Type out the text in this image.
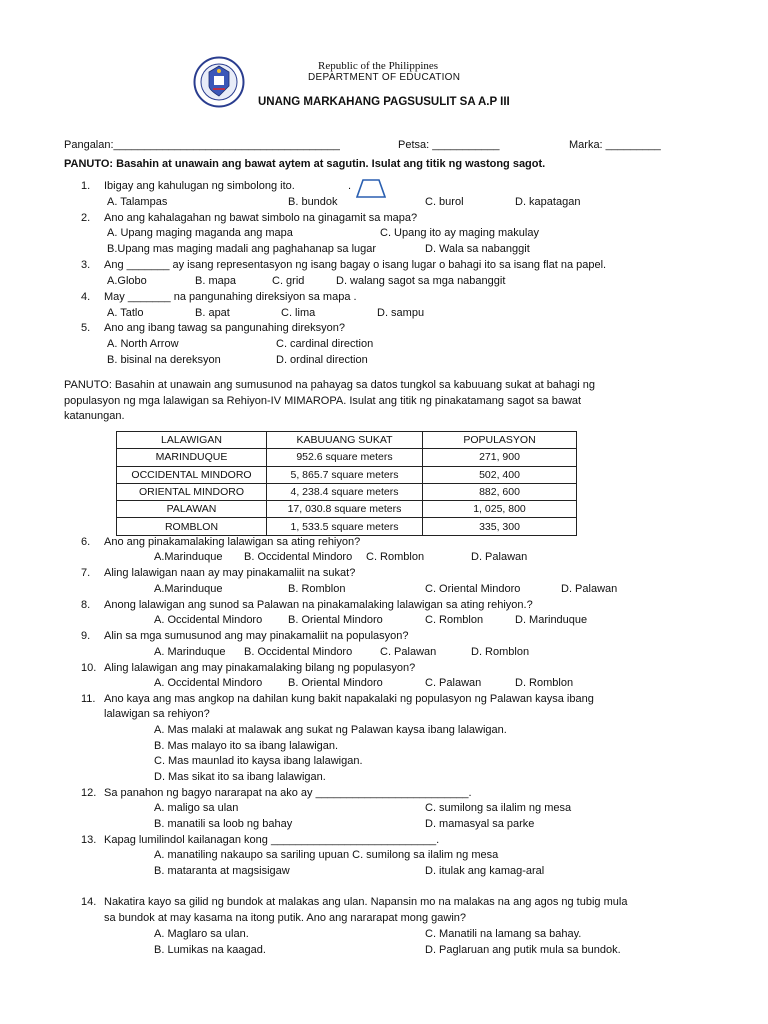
Republic of the Philippines
DEPARTMENT OF EDUCATION
UNANG MARKAHANG PAGSUSULIT SA A.P III
Pangalan:_____________________________________	Petsa: ___________	Marka: _________
PANUTO: Basahin at unawain ang bawat aytem at sagutin. Isulat ang titik ng wastong sagot.
1. Ibigay ang kahulugan ng simbolong ito.	.
A. Talampas	B. bundok	C. burol	D. kapatagan
2. Ano ang kahalagahan ng bawat simbolo na ginagamit sa mapa?
A. Upang maging maganda ang mapa	C. Upang ito ay maging makulay
B.Upang mas maging madali ang paghahanap sa lugar	D. Wala sa nabanggit
3. Ang _______ ay isang representasyon ng isang bagay o isang lugar o bahagi ito sa isang flat na papel.
A.Globo	B. mapa	C. grid	D. walang sagot sa mga nabanggit
4. May _______ na pangunahing direksiyon sa mapa .
A. Tatlo	B. apat	C. lima	D. sampu
5. Ano ang ibang tawag sa pangunahing direksyon?
A. North Arrow	C. cardinal direction
B. bisinal na dereksyon	D. ordinal direction
PANUTO: Basahin at unawain ang sumusunod na pahayag sa datos tungkol sa kabuuang sukat at bahagi ng
populasyon ng mga lalawigan sa Rehiyon-IV MIMAROPA. Isulat ang titik ng pinakatamang sagot sa bawat
katanungan.
LALAWIGAN	KABUUANG SUKAT	POPULASYON
MARINDUQUE	952.6 square meters	271, 900
OCCIDENTAL MINDORO	5, 865.7 square meters	502, 400
ORIENTAL MINDORO	4, 238.4 square meters	882, 600
PALAWAN	17, 030.8 square meters	1, 025, 800
ROMBLON	1, 533.5 square meters	335, 300
6. Ano ang pinakamalaking lalawigan sa ating rehiyon?
A.Marinduque B. Occidental Mindoro C. Romblon	D. Palawan
7. Aling lalawigan naan ay may pinakamaliit na sukat?
A.Marinduque	B. Romblon	C. Oriental Mindoro	D. Palawan
8. Anong lalawigan ang sunod sa Palawan na pinakamalaking lalawigan sa ating rehiyon.?
A. Occidental Mindoro B. Oriental Mindoro	C. Romblon	D. Marinduque
9. Alin sa mga sumusunod ang may pinakamaliit na populasyon?
A. Marinduque B. Occidental Mindoro	C. Palawan	D. Romblon
10. Aling lalawigan ang may pinakamalaking bilang ng populasyon?
A. Occidental Mindoro B. Oriental Mindoro	C. Palawan	D. Romblon
11. Ano kaya ang mas angkop na dahilan kung bakit napakalaki ng populasyon ng Palawan kaysa ibang
lalawigan sa rehiyon?
A. Mas malaki at malawak ang sukat ng Palawan kaysa ibang lalawigan.
B. Mas malayo ito sa ibang lalawigan.
C. Mas maunlad ito kaysa ibang lalawigan.
D. Mas sikat ito sa ibang lalawigan.
12. Sa panahon ng bagyo nararapat na ako ay _________________________.
A. maligo sa ulan	C. sumilong sa ilalim ng mesa
B. manatili sa loob ng bahay	D. mamasyal sa parke
13. Kapag lumilindol kailanagan kong ___________________________.
A. manatiling nakaupo sa sariling upuan C. sumilong sa ilalim ng mesa
B. mataranta at magsisigaw	D. itulak ang kamag-aral
14. Nakatira kayo sa gilid ng bundok at malakas ang ulan. Napansin mo na malakas na ang agos ng tubig mula
sa bundok at may kasama na itong putik. Ano ang nararapat mong gawin?
A. Maglaro sa ulan.	C. Manatili na lamang sa bahay.
B. Lumikas na kaagad.	D. Paglaruan ang putik mula sa bundok.
